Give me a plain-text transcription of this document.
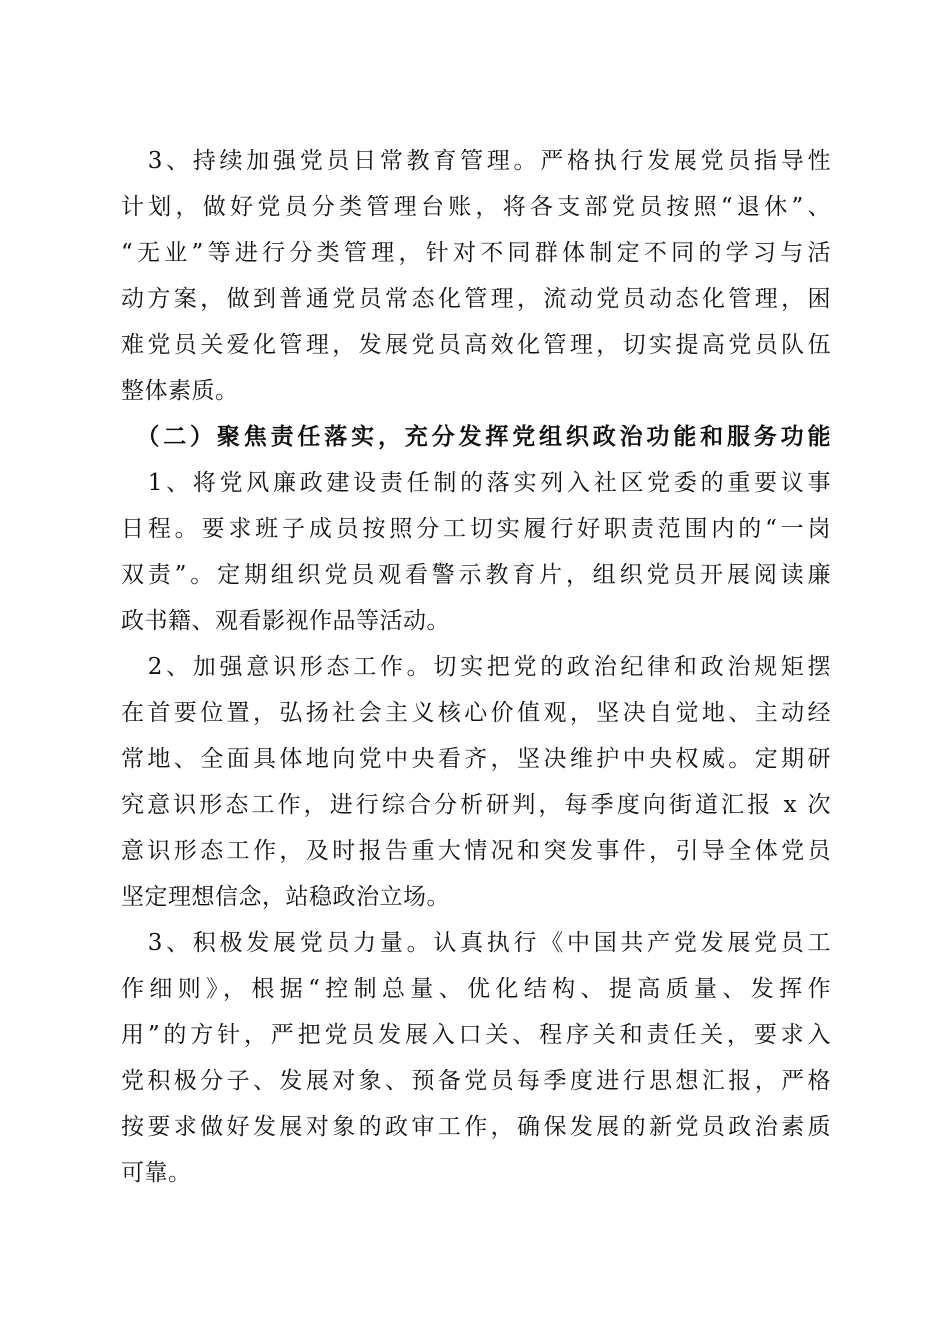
　3、持续加强党员日常教育管理。严格执行发展党员指导性
计划，做好党员分类管理台账，将各支部党员按照“退休”、
“无业”等进行分类管理，针对不同群体制定不同的学习与活
动方案，做到普通党员常态化管理，流动党员动态化管理，困
难党员关爱化管理，发展党员高效化管理，切实提高党员队伍
整体素质。
　（二）聚焦责任落实，充分发挥党组织政治功能和服务功能
　1、将党风廉政建设责任制的落实列入社区党委的重要议事
日程。要求班子成员按照分工切实履行好职责范围内的“一岗
双责”。定期组织党员观看警示教育片，组织党员开展阅读廉
政书籍、观看影视作品等活动。
　2、加强意识形态工作。切实把党的政治纪律和政治规矩摆
在首要位置，弘扬社会主义核心价值观，坚决自觉地、主动经
常地、全面具体地向党中央看齐，坚决维护中央权威。定期研
究意识形态工作，进行综合分析研判，每季度向街道汇报 x 次
意识形态工作，及时报告重大情况和突发事件，引导全体党员
坚定理想信念，站稳政治立场。
　3、积极发展党员力量。认真执行《中国共产党发展党员工
作细则》，根据“控制总量、优化结构、提高质量、发挥作
用”的方针，严把党员发展入口关、程序关和责任关，要求入
党积极分子、发展对象、预备党员每季度进行思想汇报，严格
按要求做好发展对象的政审工作，确保发展的新党员政治素质
可靠。
